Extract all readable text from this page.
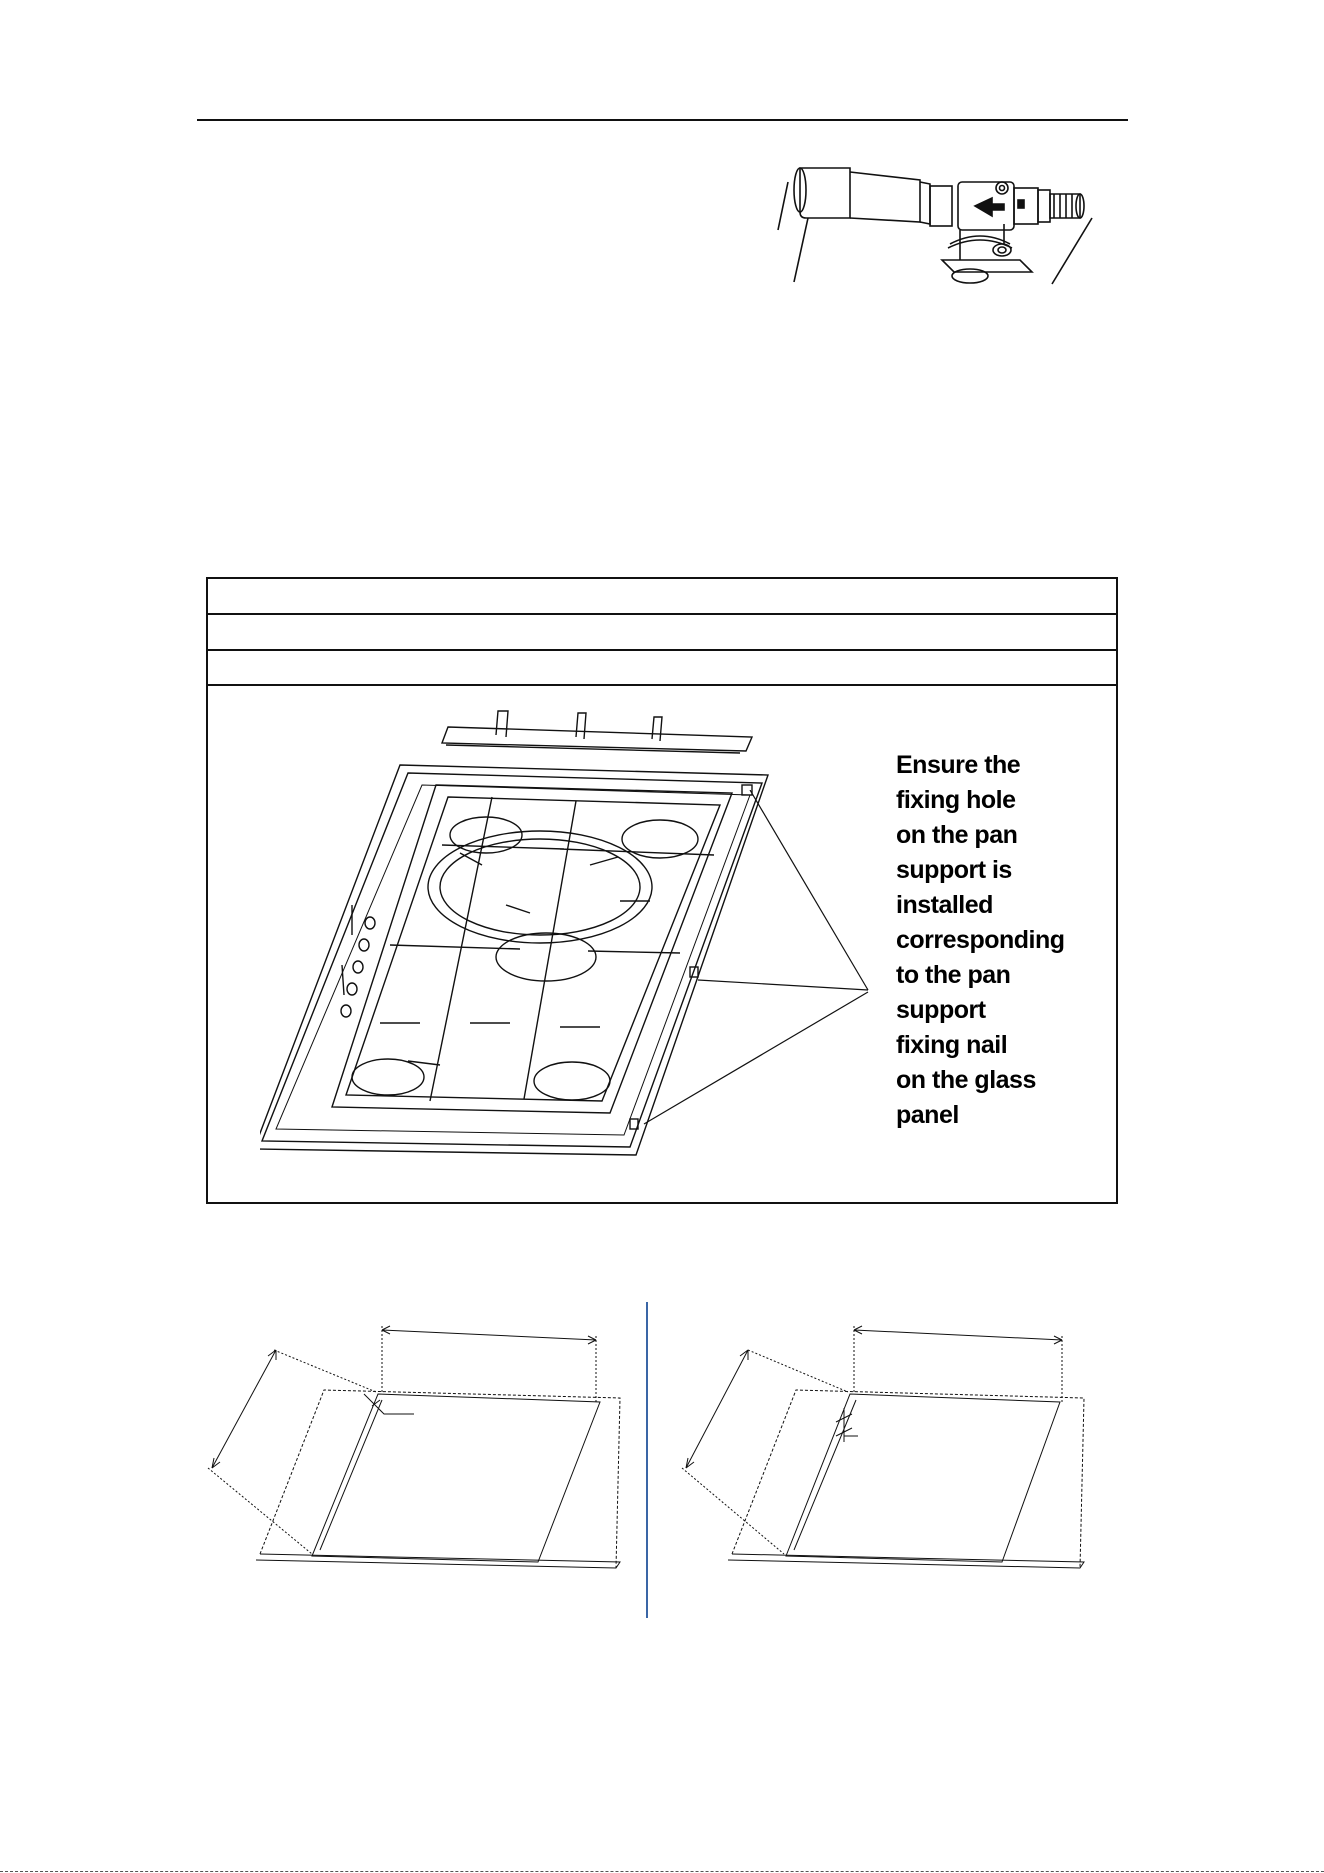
Ensure the
fixing hole
on the pan
support is
installed
corresponding
to the pan
support
fixing nail
on the glass
panel
